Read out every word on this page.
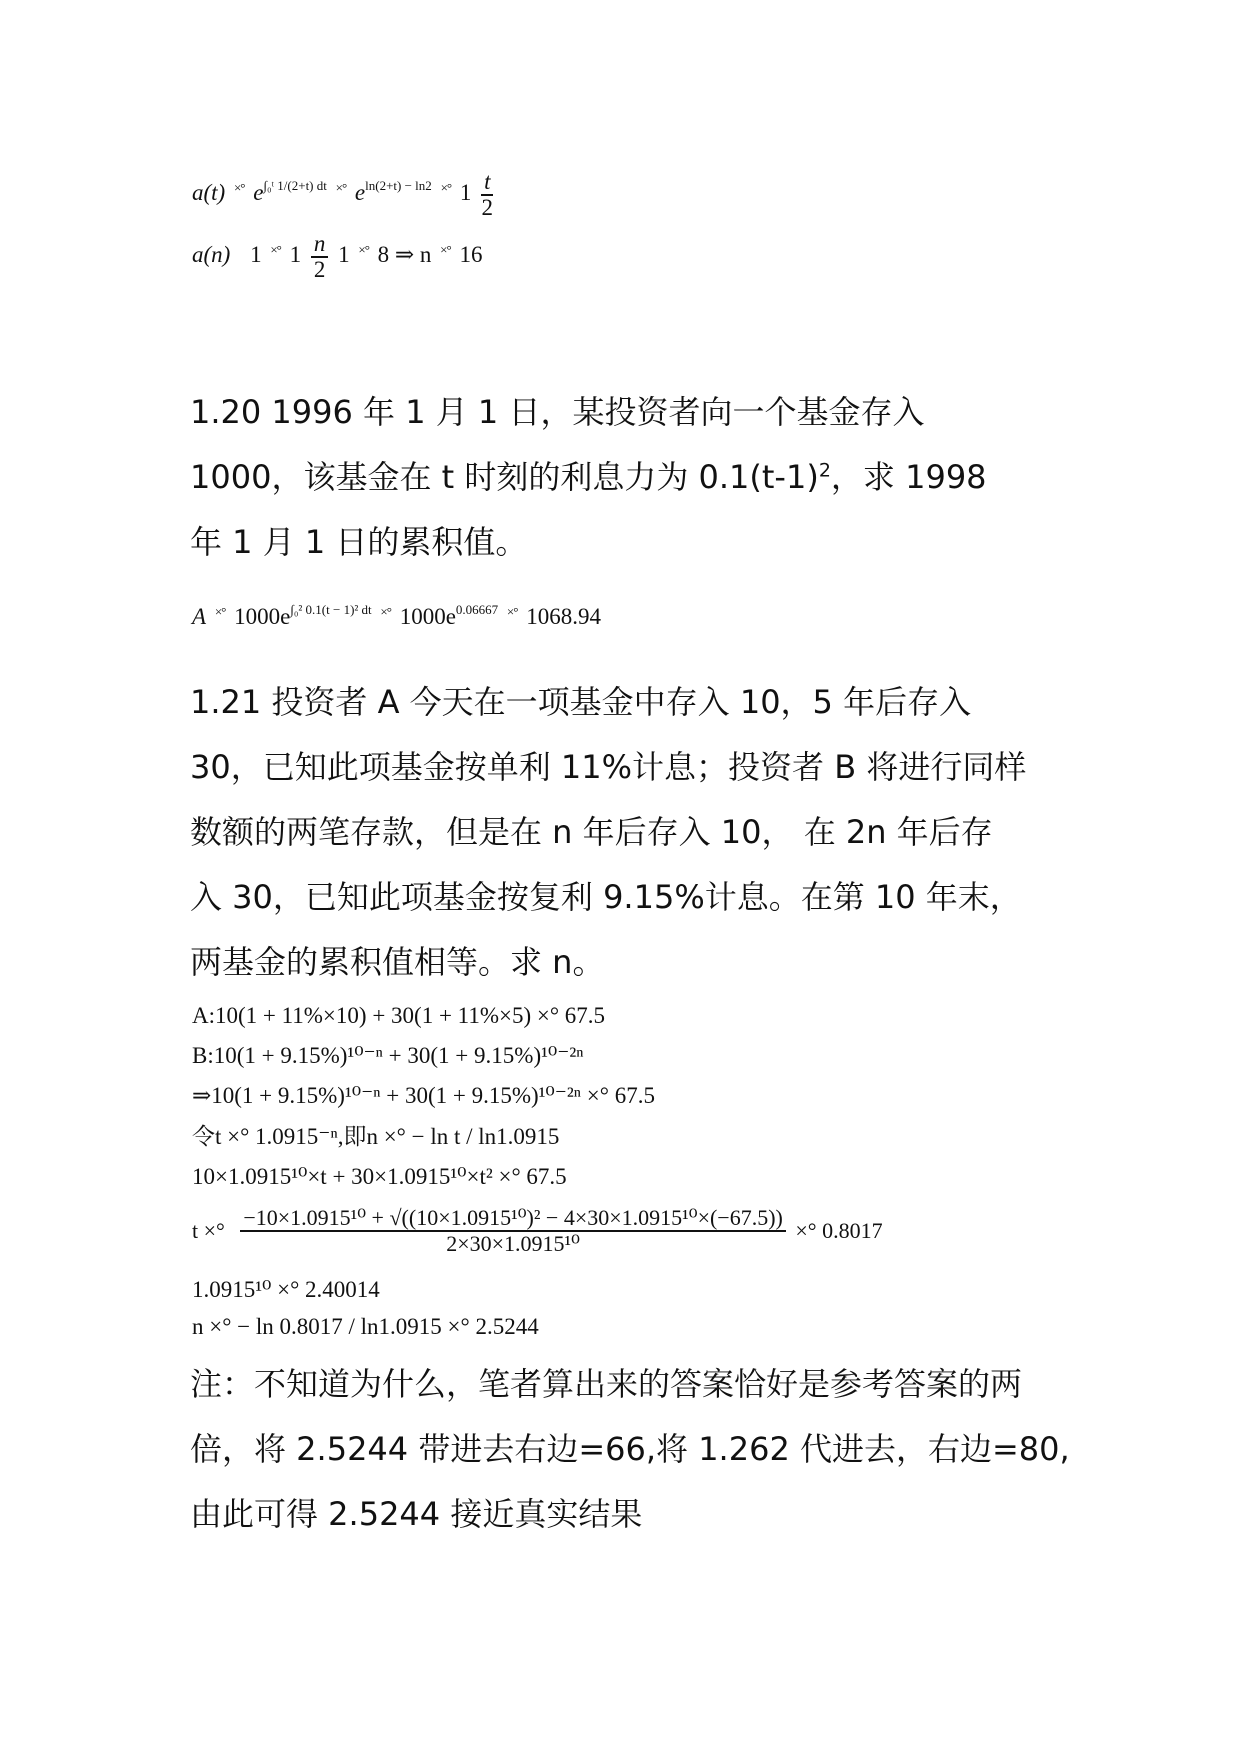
a(t) ×° $e^{\int_0ᵗ 1/(2+t) dt}$ ×° $e^{ln(2+t) - ln2}$ ×° $1 \frac{t}{2}$
a(n) 1 ×° $1 \frac{n}{2} 1$ ×° 8 ⇒ n ×° 16

1.20 1996 年 1 月 1 日，某投资者向一个基金存入

1000，该基金在 t 时刻的利息力为 $0.1(t-1)^2$，求 1998

年 1 月 1 日的累积值。

A ×° $1000e^{\int_0^2 0.1(t - 1)^2 dt}$ ×° $1000e^{0.06667}$ ×° 1068.94

1.21 投资者 A 今天在一项基金中存入 10，5 年后存入

30，已知此项基金按单利 11%计息；投资者 B 将进行同样

数额的两笔存款，但是在 n 年后存入 10， 在 2n 年后存

入 30，已知此项基金按复利 9.15%计息。在第 10 年末，

两基金的累积值相等。求 n。

A:10(1 + 11%×10) + 30(1 + 11%×5) ×° 67.5
B:10(1 + 9.15%)¹⁰⁻ⁿ + 30(1 + 9.15%)¹⁰⁻²ⁿ
⇒10(1 + 9.15%)¹⁰⁻ⁿ + 30(1 + 9.15%)¹⁰⁻²ⁿ ×° 67.5
令t ×° 1.0915⁻ⁿ,即n ×° − ln t / ln1.0915
10×1.0915¹⁰×t + 30×1.0915¹⁰×t² ×° 67.5
t ×° $\frac{\text{−10×1.0915¹⁰ + √((10×1.0915¹⁰)² − 4×30×1.0915¹⁰×(−67.5))}}{\text{2×30×1.0915¹⁰}}$ ×° 0.8017
1.0915¹⁰ ×° 2.40014
n ×° − ln 0.8017 / ln1.0915 ×° 2.5244

注：不知道为什么，笔者算出来的答案恰好是参考答案的两

倍，将 2.5244 带进去右边=66,将 1.262 代进去，右边=80,

由此可得 2.5244 接近真实结果
